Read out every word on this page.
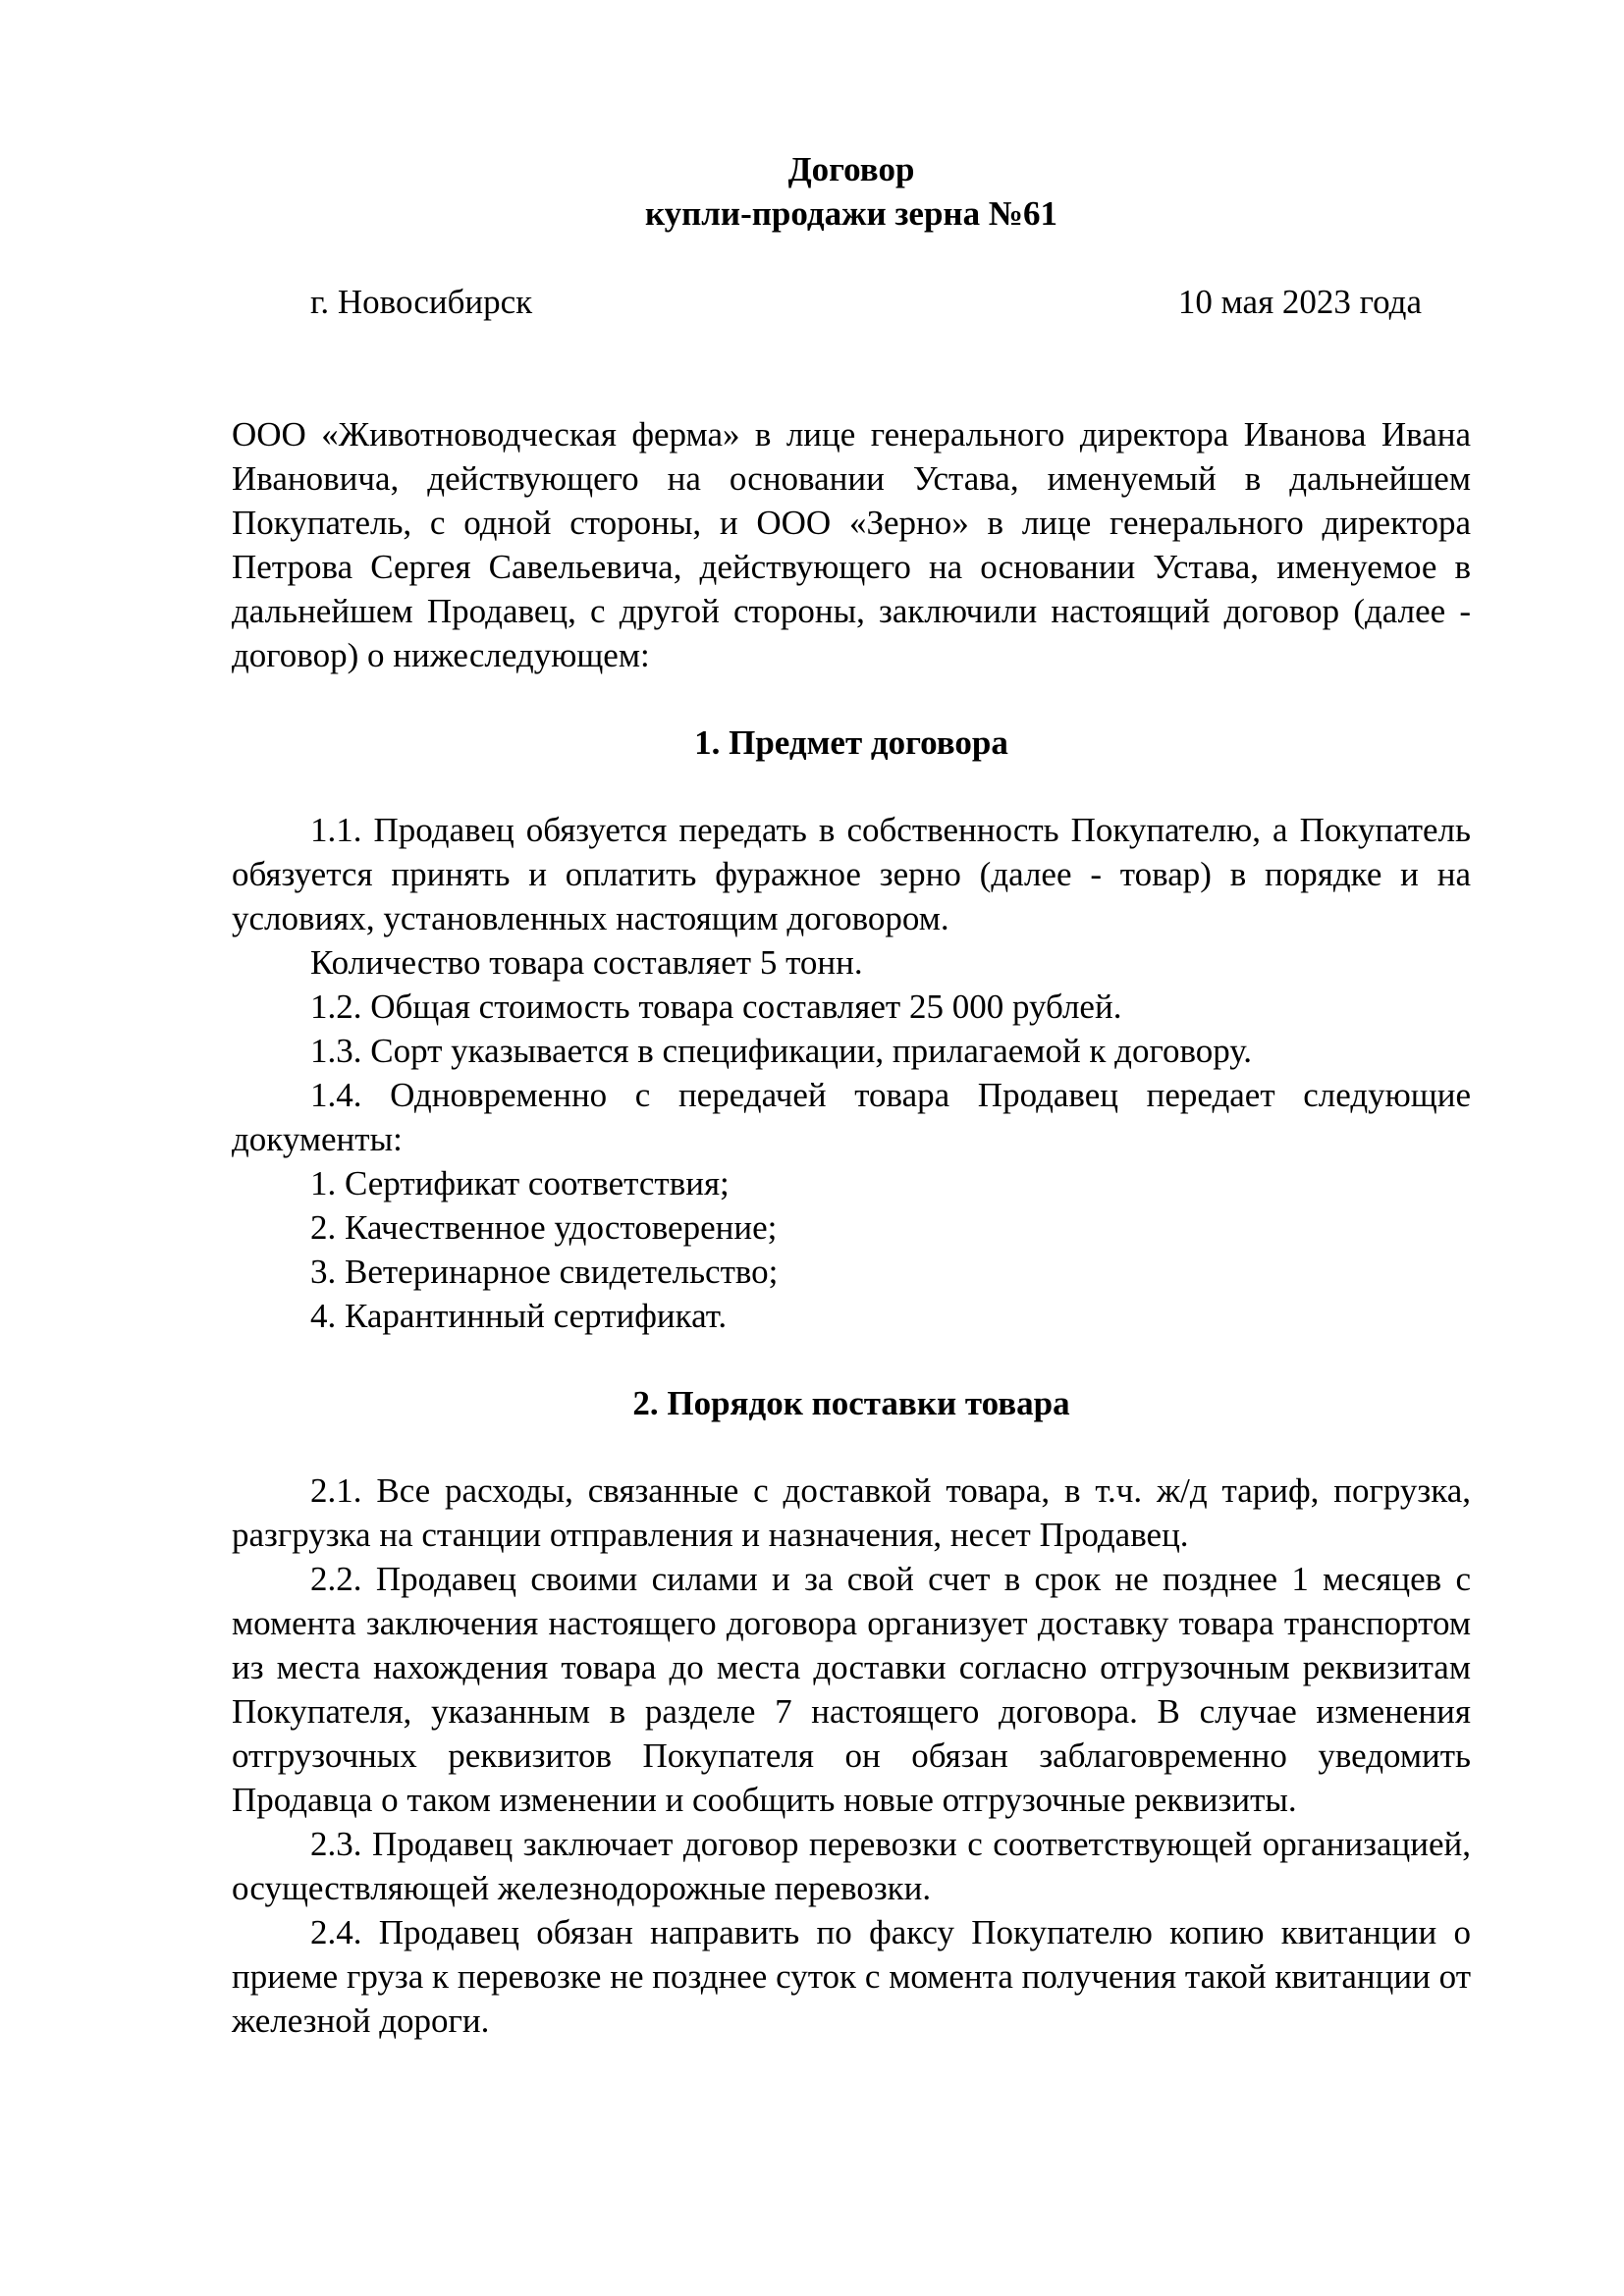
Договор
купли-продажи зерна №61
г. Новосибирск	10 мая 2023 года
ООО «Животноводческая ферма» в лице генерального директора Иванова Ивана Ивановича, действующего на основании Устава, именуемый в дальнейшем Покупатель, с одной стороны, и ООО «Зерно» в лице генерального директора Петрова Сергея Савельевича, действующего на основании Устава, именуемое в дальнейшем Продавец, с другой стороны, заключили настоящий договор (далее - договор) о нижеследующем:
1. Предмет договора
1.1. Продавец обязуется передать в собственность Покупателю, а Покупатель обязуется принять и оплатить фуражное зерно (далее - товар) в порядке и на условиях, установленных настоящим договором.
Количество товара составляет 5 тонн.
1.2. Общая стоимость товара составляет 25 000 рублей.
1.3. Сорт указывается в спецификации, прилагаемой к договору.
1.4. Одновременно с передачей товара Продавец передает следующие документы:
1. Сертификат соответствия;
2. Качественное удостоверение;
3. Ветеринарное свидетельство;
4. Карантинный сертификат.
2. Порядок поставки товара
2.1. Все расходы, связанные с доставкой товара, в т.ч. ж/д тариф, погрузка, разгрузка на станции отправления и назначения, несет Продавец.
2.2. Продавец своими силами и за свой счет в срок не позднее 1 месяцев с момента заключения настоящего договора организует доставку товара транспортом из места нахождения товара до места доставки согласно отгрузочным реквизитам Покупателя, указанным в разделе 7 настоящего договора. В случае изменения отгрузочных реквизитов Покупателя он обязан заблаговременно уведомить Продавца о таком изменении и сообщить новые отгрузочные реквизиты.
2.3. Продавец заключает договор перевозки с соответствующей организацией, осуществляющей железнодорожные перевозки.
2.4. Продавец обязан направить по факсу Покупателю копию квитанции о приеме груза к перевозке не позднее суток с момента получения такой квитанции от железной дороги.
